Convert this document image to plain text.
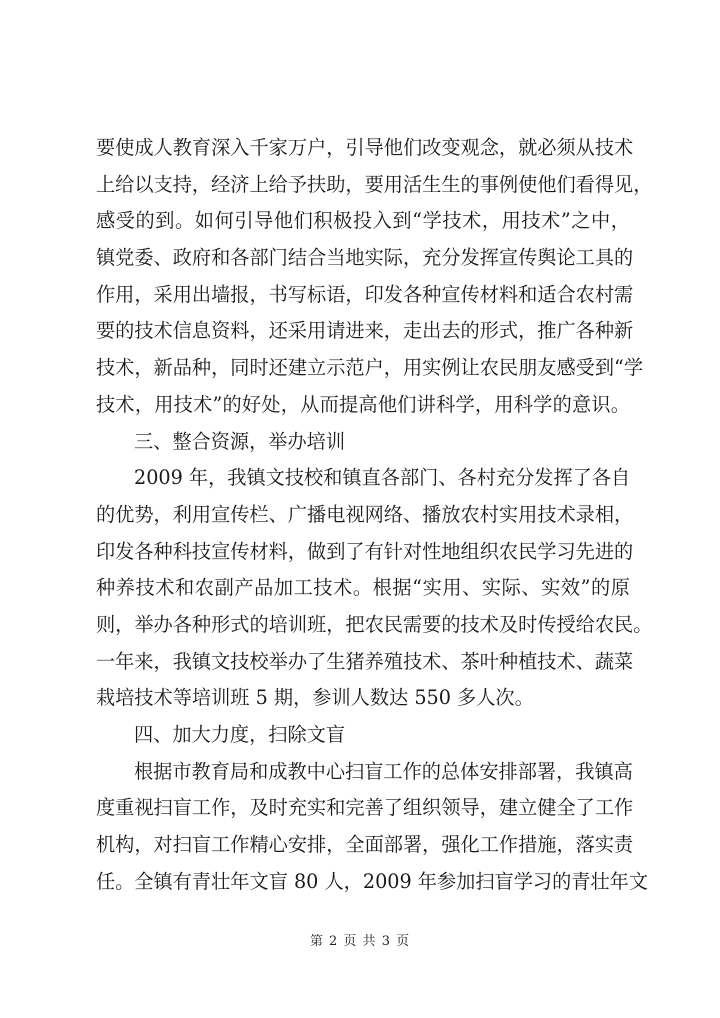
要使成人教育深入千家万户，引导他们改变观念，就必须从技术
上给以支持，经济上给予扶助，要用活生生的事例使他们看得见，
感受的到。如何引导他们积极投入到“学技术，用技术”之中，
镇党委、政府和各部门结合当地实际，充分发挥宣传舆论工具的
作用，采用出墙报，书写标语，印发各种宣传材料和适合农村需
要的技术信息资料，还采用请进来，走出去的形式，推广各种新
技术，新品种，同时还建立示范户，用实例让农民朋友感受到“学
技术，用技术”的好处，从而提高他们讲科学，用科学的意识。
三、整合资源，举办培训
2009 年，我镇文技校和镇直各部门、各村充分发挥了各自
的优势，利用宣传栏、广播电视网络、播放农村实用技术录相，
印发各种科技宣传材料，做到了有针对性地组织农民学习先进的
种养技术和农副产品加工技术。根据“实用、实际、实效”的原
则，举办各种形式的培训班，把农民需要的技术及时传授给农民。
一年来，我镇文技校举办了生猪养殖技术、茶叶种植技术、蔬菜
栽培技术等培训班 5 期，参训人数达 550 多人次。
四、加大力度，扫除文盲
根据市教育局和成教中心扫盲工作的总体安排部署，我镇高
度重视扫盲工作，及时充实和完善了组织领导，建立健全了工作
机构，对扫盲工作精心安排，全面部署，强化工作措施，落实责
任。全镇有青壮年文盲 80 人，2009 年参加扫盲学习的青壮年文
第 2 页 共 3 页
